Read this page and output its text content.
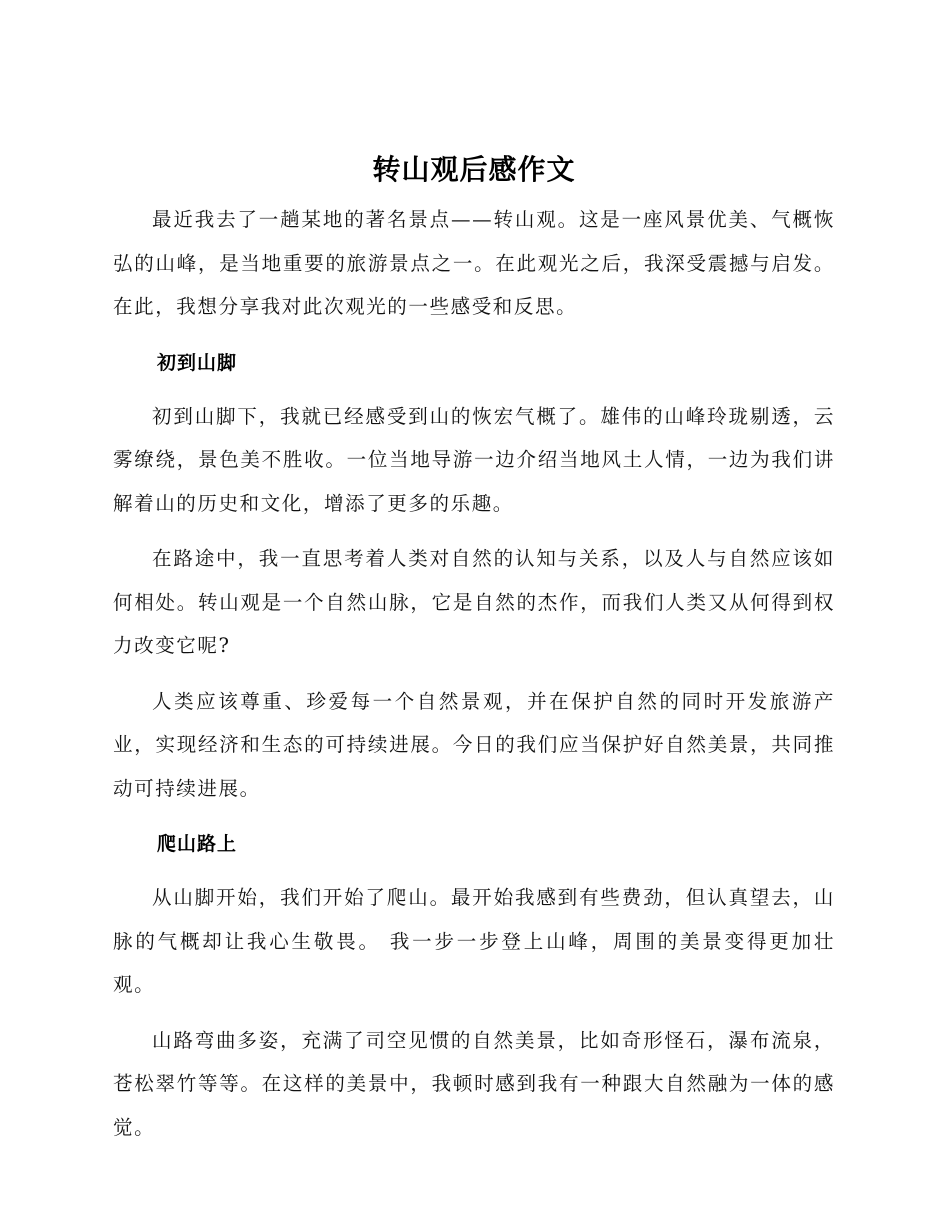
转山观后感作文

最近我去了一趟某地的著名景点——转山观。这是一座风景优美、气概恢弘的山峰，是当地重要的旅游景点之一。在此观光之后，我深受震撼与启发。在此，我想分享我对此次观光的一些感受和反思。

初到山脚

初到山脚下，我就已经感受到山的恢宏气概了。雄伟的山峰玲珑剔透，云雾缭绕，景色美不胜收。一位当地导游一边介绍当地风土人情，一边为我们讲解着山的历史和文化，增添了更多的乐趣。

在路途中，我一直思考着人类对自然的认知与关系，以及人与自然应该如何相处。转山观是一个自然山脉，它是自然的杰作，而我们人类又从何得到权力改变它呢?

人类应该尊重、珍爱每一个自然景观，并在保护自然的同时开发旅游产业，实现经济和生态的可持续进展。今日的我们应当保护好自然美景，共同推动可持续进展。

爬山路上

从山脚开始，我们开始了爬山。最开始我感到有些费劲，但认真望去，山脉的气概却让我心生敬畏。 我一步一步登上山峰，周围的美景变得更加壮观。

山路弯曲多姿，充满了司空见惯的自然美景，比如奇形怪石，瀑布流泉，苍松翠竹等等。在这样的美景中，我顿时感到我有一种跟大自然融为一体的感觉。
